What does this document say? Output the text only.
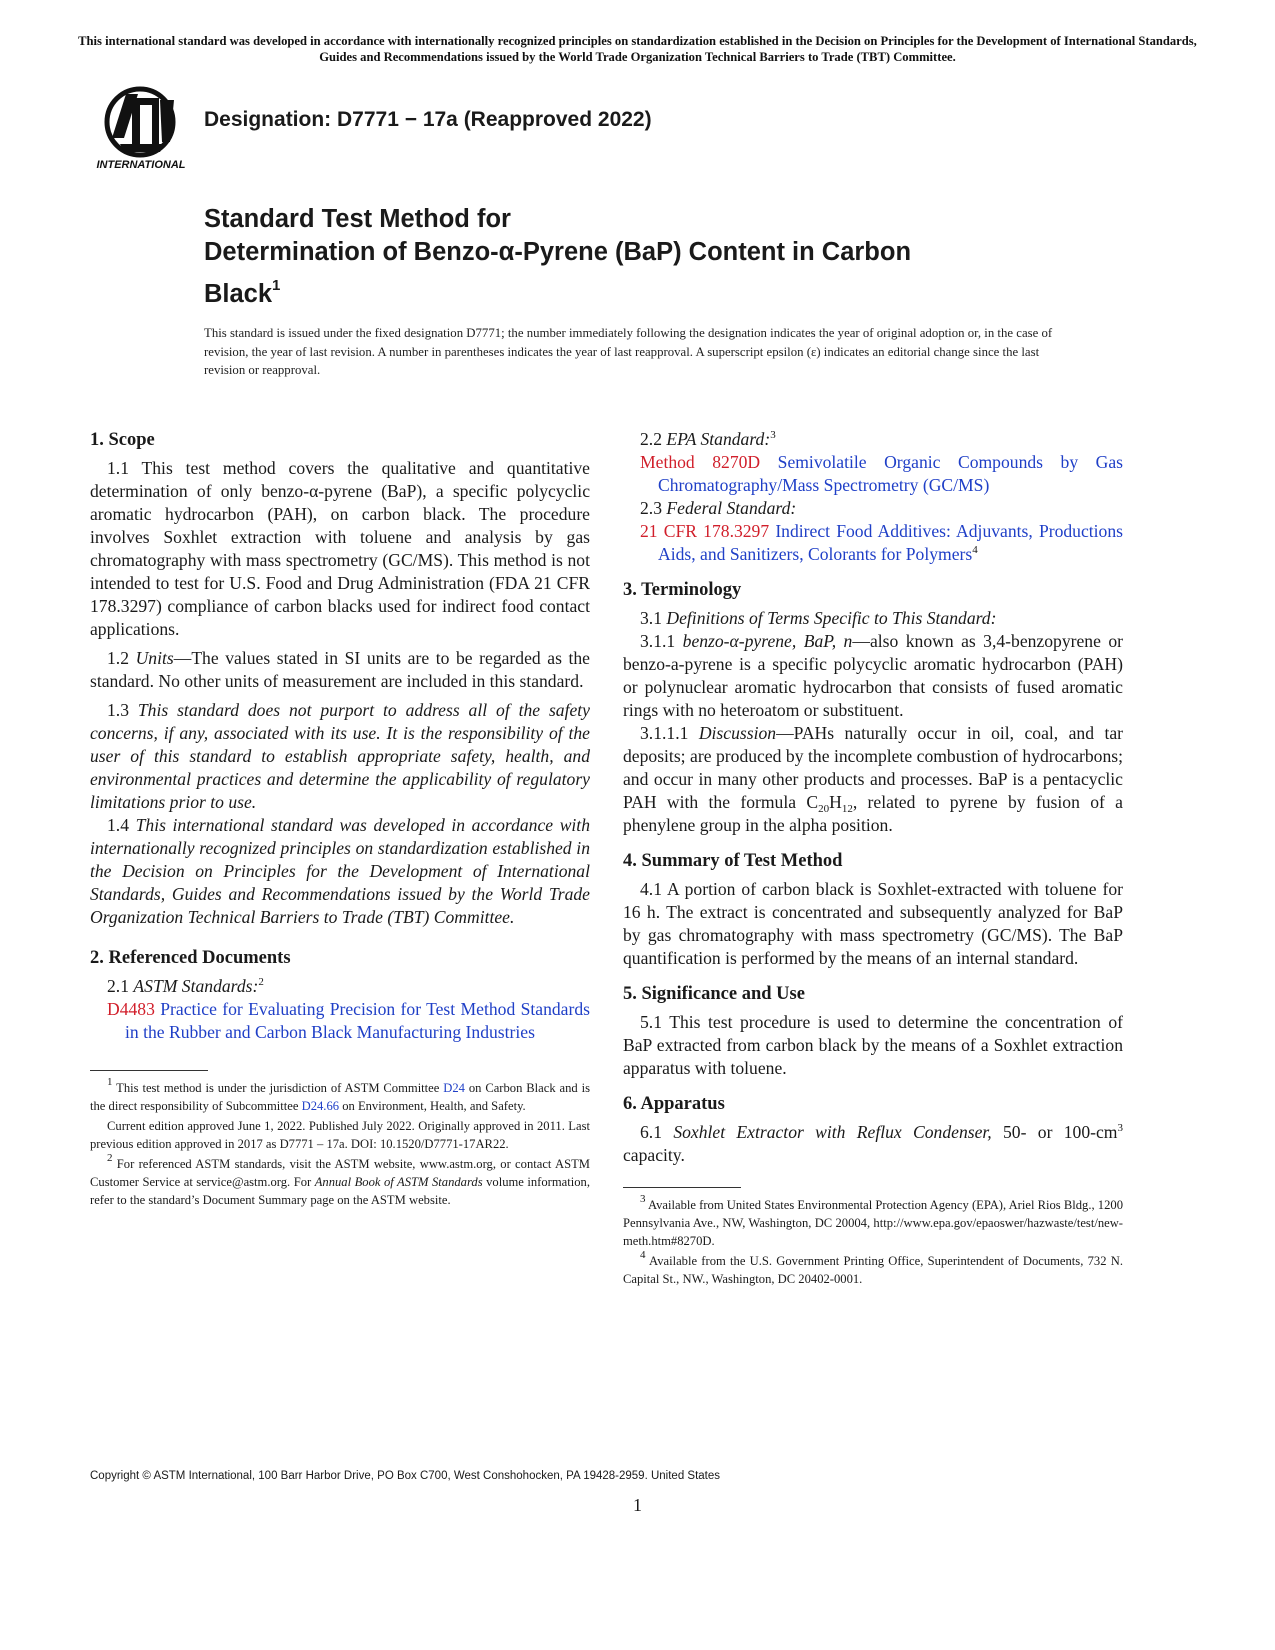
This international standard was developed in accordance with internationally recognized principles on standardization established in the Decision on Principles for the Development of International Standards, Guides and Recommendations issued by the World Trade Organization Technical Barriers to Trade (TBT) Committee.
INTERNATIONAL
Designation: D7771 − 17a (Reapproved 2022)
Standard Test Method for
Determination of Benzo-α-Pyrene (BaP) Content in Carbon
Black$^1$
This standard is issued under the fixed designation D7771; the number immediately following the designation indicates the year of original adoption or, in the case of revision, the year of last revision. A number in parentheses indicates the year of last reapproval. A superscript epsilon (ε) indicates an editorial change since the last revision or reapproval.
1. Scope

1.1 This test method covers the qualitative and quantitative determination of only benzo-α-pyrene (BaP), a specific polycyclic aromatic hydrocarbon (PAH), on carbon black. The procedure involves Soxhlet extraction with toluene and analysis by gas chromatography with mass spectrometry (GC/MS). This method is not intended to test for U.S. Food and Drug Administration (FDA 21 CFR 178.3297) compliance of carbon blacks used for indirect food contact applications.

1.2 Units—The values stated in SI units are to be regarded as the standard. No other units of measurement are included in this standard.

1.3 This standard does not purport to address all of the safety concerns, if any, associated with its use. It is the responsibility of the user of this standard to establish appropriate safety, health, and environmental practices and determine the applicability of regulatory limitations prior to use.

1.4 This international standard was developed in accordance with internationally recognized principles on standardization established in the Decision on Principles for the Development of International Standards, Guides and Recommendations issued by the World Trade Organization Technical Barriers to Trade (TBT) Committee.

2. Referenced Documents

2.1 ASTM Standards:$^2$

D4483 Practice for Evaluating Precision for Test Method Standards in the Rubber and Carbon Black Manufacturing Industries

$^1$ This test method is under the jurisdiction of ASTM Committee D24 on Carbon Black and is the direct responsibility of Subcommittee D24.66 on Environment, Health, and Safety.

Current edition approved June 1, 2022. Published July 2022. Originally approved in 2011. Last previous edition approved in 2017 as D7771 – 17a. DOI: 10.1520/D7771-17AR22.

$^2$ For referenced ASTM standards, visit the ASTM website, www.astm.org, or contact ASTM Customer Service at service@astm.org. For Annual Book of ASTM Standards volume information, refer to the standard’s Document Summary page on the ASTM website.

2.2 EPA Standard:$^3$

Method 8270D Semivolatile Organic Compounds by Gas Chromatography/Mass Spectrometry (GC/MS)

2.3 Federal Standard:

21 CFR 178.3297 Indirect Food Additives: Adjuvants, Productions Aids, and Sanitizers, Colorants for Polymers$^4$

3. Terminology

3.1 Definitions of Terms Specific to This Standard:

3.1.1 benzo-α-pyrene, BaP, n—also known as 3,4-benzopyrene or benzo-a-pyrene is a specific polycyclic aromatic hydrocarbon (PAH) or polynuclear aromatic hydrocarbon that consists of fused aromatic rings with no heteroatom or substituent.

3.1.1.1 Discussion—PAHs naturally occur in oil, coal, and tar deposits; are produced by the incomplete combustion of hydrocarbons; and occur in many other products and processes. BaP is a pentacyclic PAH with the formula $C_{20}H_{12}$, related to pyrene by fusion of a phenylene group in the alpha position.

4. Summary of Test Method

4.1 A portion of carbon black is Soxhlet-extracted with toluene for 16 h. The extract is concentrated and subsequently analyzed for BaP by gas chromatography with mass spectrometry (GC/MS). The BaP quantification is performed by the means of an internal standard.

5. Significance and Use

5.1 This test procedure is used to determine the concentration of BaP extracted from carbon black by the means of a Soxhlet extraction apparatus with toluene.

6. Apparatus

6.1 Soxhlet Extractor with Reflux Condenser, 50- or $100-cm^3$ capacity.

$^3$ Available from United States Environmental Protection Agency (EPA), Ariel Rios Bldg., 1200 Pennsylvania Ave., NW, Washington, DC 20004, http://www.epa.gov/epaoswer/hazwaste/test/new-meth.htm#8270D.

$^4$ Available from the U.S. Government Printing Office, Superintendent of Documents, 732 N. Capital St., NW., Washington, DC 20402-0001.

Copyright © ASTM International, 100 Barr Harbor Drive, PO Box C700, West Conshohocken, PA 19428-2959. United States
1
